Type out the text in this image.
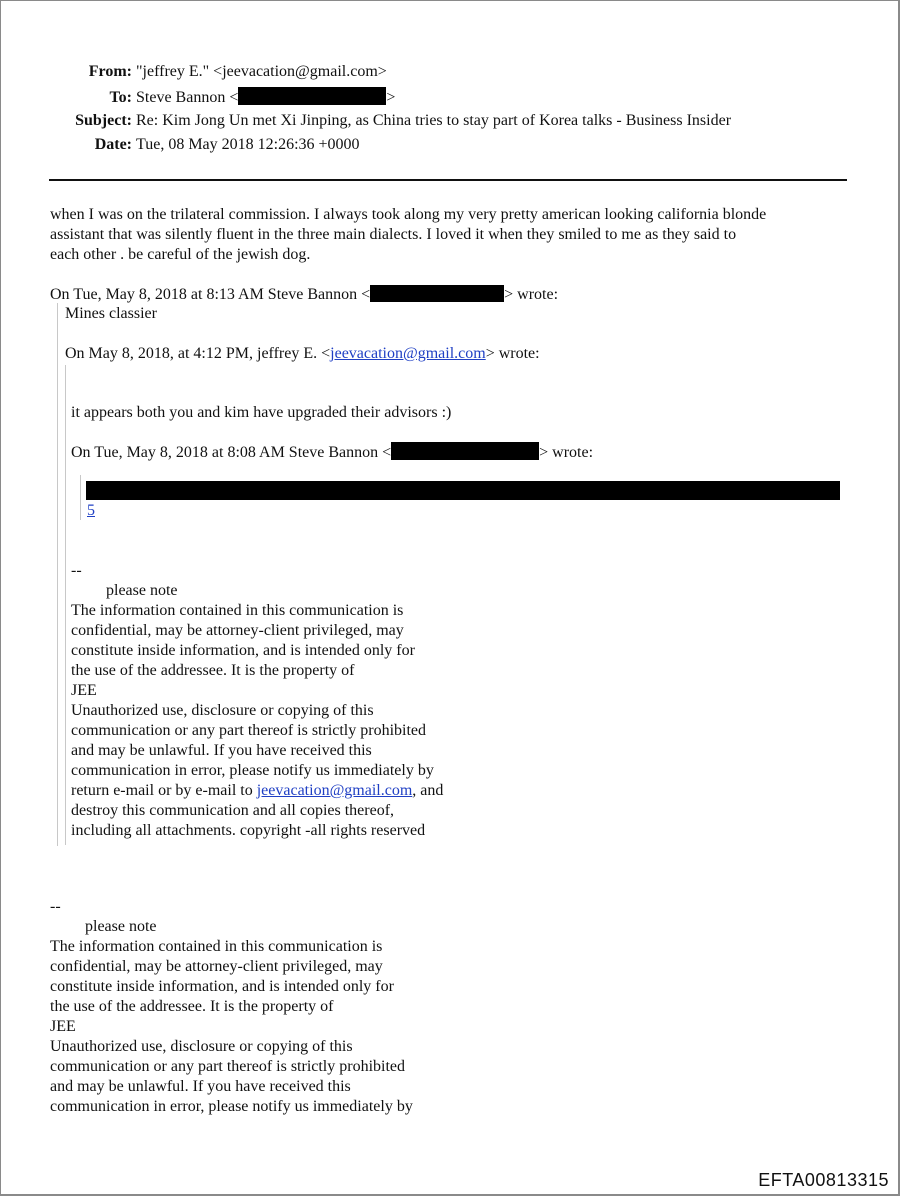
From: "jeffrey E." <jeevacation@gmail.com>
To: Steve Bannon <	>
Subject: Re: Kim Jong Un met Xi Jinping, as China tries to stay part of Korea talks - Business Insider
Date: Tue, 08 May 2018 12:26:36 +0000
when I was on the trilateral commission. I always took along my very pretty american looking california blonde
assistant that was silently fluent in the three main dialects. I loved it when they smiled to me as they said to
each other . be careful of the jewish dog.
On Tue, May 8, 2018 at 8:13 AM Steve Bannon <	> wrote:
Mines classier
On May 8, 2018, at 4:12 PM, jeffrey E. <jeevacation@gmail.com> wrote:
it appears both you and kim have upgraded their advisors :)
On Tue, May 8, 2018 at 8:08 AM Steve Bannon <	> wrote:
5
--
please note
The information contained in this communication is
confidential, may be attorney-client privileged, may
constitute inside information, and is intended only for
the use of the addressee. It is the property of
JEE
Unauthorized use, disclosure or copying of this
communication or any part thereof is strictly prohibited
and may be unlawful. If you have received this
communication in error, please notify us immediately by
return e-mail or by e-mail to jeevacation@gmail.com, and
destroy this communication and all copies thereof,
including all attachments. copyright -all rights reserved
--
please note
The information contained in this communication is
confidential, may be attorney-client privileged, may
constitute inside information, and is intended only for
the use of the addressee. It is the property of
JEE
Unauthorized use, disclosure or copying of this
communication or any part thereof is strictly prohibited
and may be unlawful. If you have received this
communication in error, please notify us immediately by
EFTA00813315
